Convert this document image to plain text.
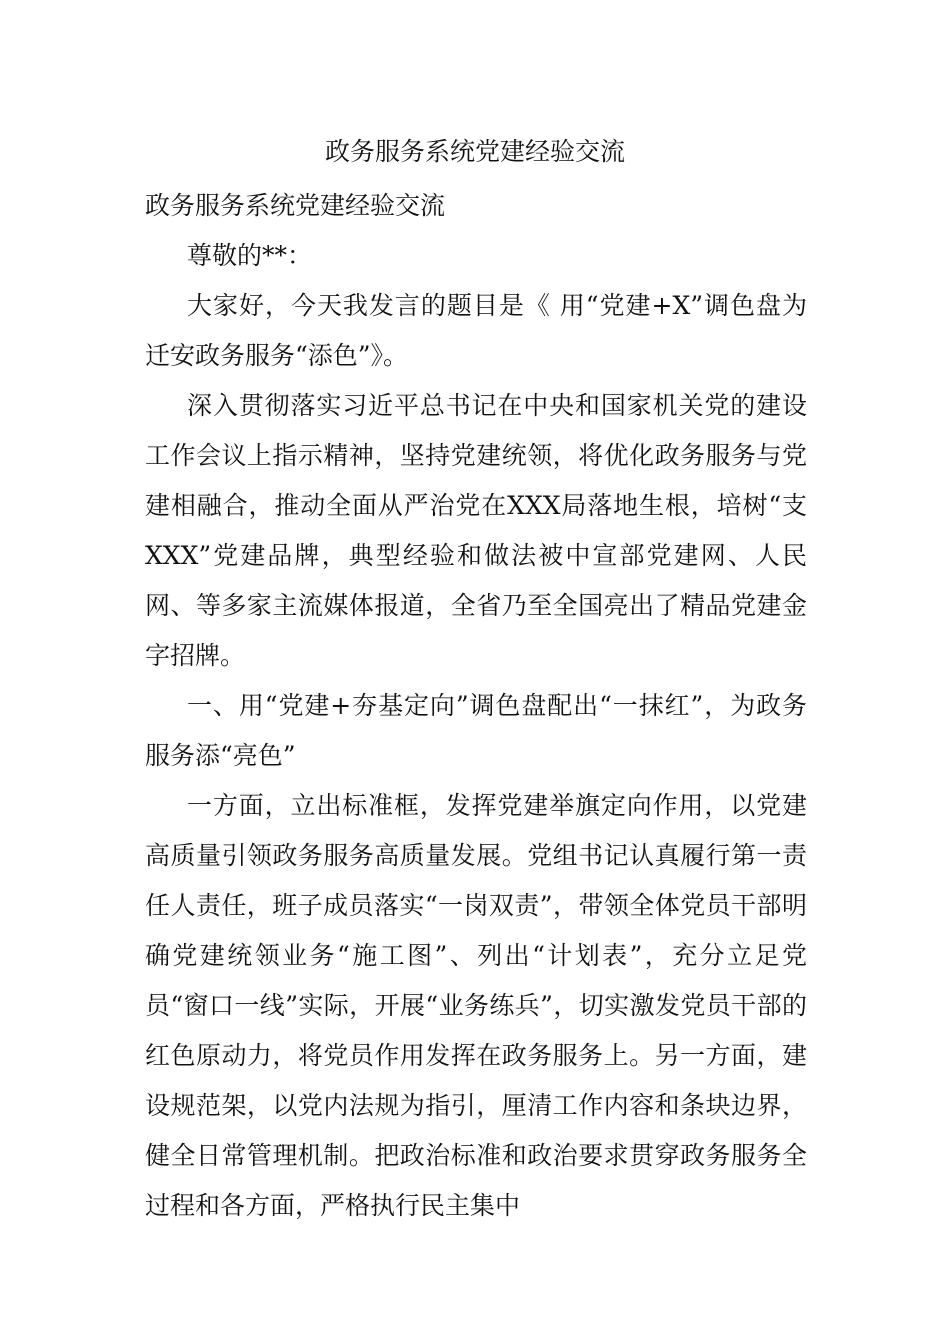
政务服务系统党建经验交流

政务服务系统党建经验交流

尊敬的**：

大家好，今天我发言的题目是《 用“党建+X”调色盘为迁安政务服务“添色”》。

深入贯彻落实习近平总书记在中央和国家机关党的建设工作会议上指示精神，坚持党建统领，将优化政务服务与党建相融合，推动全面从严治党在XXX局落地生根，培树“支XXX”党建品牌，典型经验和做法被中宣部党建网、人民网、等多家主流媒体报道，全省乃至全国亮出了精品党建金字招牌。

一、用“党建+夯基定向”调色盘配出“一抹红”，为政务服务添“亮色”

一方面，立出标准框，发挥党建举旗定向作用，以党建高质量引领政务服务高质量发展。党组书记认真履行第一责任人责任，班子成员落实“一岗双责”，带领全体党员干部明确党建统领业务“施工图”、列出“计划表”，充分立足党员“窗口一线”实际，开展“业务练兵”，切实激发党员干部的红色原动力，将党员作用发挥在政务服务上。另一方面，建设规范架，以党内法规为指引，厘清工作内容和条块边界，健全日常管理机制。把政治标准和政治要求贯穿政务服务全过程和各方面，严格执行民主集中
